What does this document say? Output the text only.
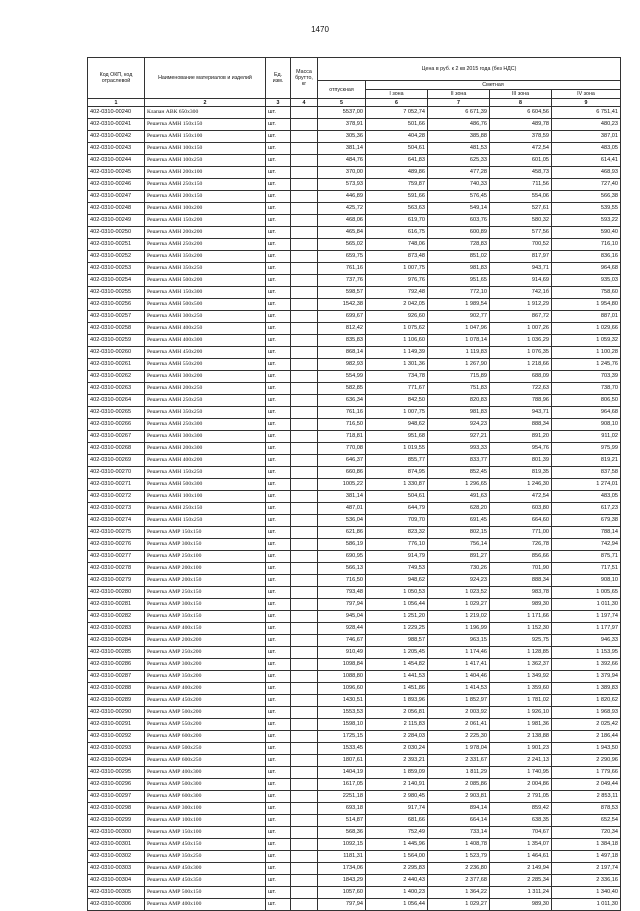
1470
Код ОКП, код отраслевой	Наименование материалов и изделий	Ед. изм.	Масса брутто, кг	Цена в руб. к 2 кв 2015 года (без НДС)				
				отпускная	Сметная			
					I зона	II зона	III зона	IV зона
1	2	3	4	5	6	7	8	9
402-0310-00240	Клапан АВК 650х300	шт.		5537,00	7 052,74	6 671,39	6 604,56	6 751,41
402-0310-00241	Решетка АМН 150х150	шт.		378,91	501,66	486,76	489,78	480,23
402-0310-00242	Решетка АМН 150х100	шт.		305,36	404,28	385,88	378,59	387,01
402-0310-00243	Решетка АМН 100х150	шт.		381,14	504,61	481,53	472,54	483,05
402-0310-00244	Решетка АМН 100х250	шт.		484,76	641,83	625,33	601,05	614,41
402-0310-00245	Решетка АМН 200х100	шт.		370,00	489,86	477,28	458,73	468,93
402-0310-00246	Решетка АМН 250х150	шт.		573,93	759,87	740,33	711,56	727,40
402-0310-00247	Решетка АМН 200х150	шт.		446,89	591,66	576,45	554,06	566,38
402-0310-00248	Решетка АМН 100х200	шт.		425,72	563,63	549,14	527,61	539,55
402-0310-00249	Решетка АМН 150х200	шт.		468,06	619,70	603,76	580,32	593,22
402-0310-00250	Решетка АМН 200х200	шт.		465,84	616,75	600,89	577,56	590,40
402-0310-00251	Решетка АМН 250х200	шт.		565,02	748,06	728,83	700,52	716,10
402-0310-00252	Решетка АМН 350х200	шт.		659,75	873,48	851,02	817,97	836,16
402-0310-00253	Решетка АМН 350х250	шт.		761,16	1 007,75	981,83	943,71	964,68
402-0310-00254	Решетка АМН 500х200	шт.		737,76	976,76	951,65	914,69	935,03
402-0310-00255	Решетка АМН 150х300	шт.		598,57	792,48	772,10	742,1б	758,60
402-0310-00256	Решетка АМН 500х500	шт.		1542,38	2 042,05	1 989,54	1 912,29	1 954,80
402-0310-00257	Решетка АМН 300х250	шт.		699,67	926,60	902,77	867,72	887,01
402-0310-00258	Решетка АМН 400х250	шт.		812,42	1 075,62	1 047,96	1 007,26	1 029,66
402-0310-00259	Решетка АМН 400х300	шт.		835,83	1 106,60	1 078,14	1 036,29	1 059,32
402-0310-00260	Решетка АМН 450х200	шт.		868,14	1 149,39	1 119,83	1 076,35	1 100,28
402-0310-00261	Решетка АМН 550х200	шт.		982,93	1 301,36	1 267,90	1 218,66	1 245,76
402-0310-00262	Решетка АМН 300х200	шт.		554,99	734,78	715,89	688,09	703,39
402-0310-00263	Решетка АМН 200х250	шт.		582,85	771,67	751,83	722,63	738,70
402-0310-00264	Решетка АМН 250х250	шт.		636,34	842,50	820,83	788,96	806,50
402-0310-00265	Решетка АМН 350х250	шт.		761,16	1 007,75	981,83	943,71	964,68
402-0310-00266	Решетка АМН 250х300	шт.		716,50	948,62	924,23	888,34	908,10
402-0310-00267	Решетка АМН 300х300	шт.		718,81	951,68	927,21	891,20	911,02
402-0310-00268	Решетка АМН 200х300	шт.		770,08	1 019,55	993,33	954,76	975,99
402-0310-00269	Решетка АМН 400х200	шт.		646,37	855,77	833,77	801,39	819,21
402-0310-00270	Решетка АМН 150х250	шт.		660,86	874,95	852,45	819,35	837,58
402-0310-00271	Решетка АМН 500х300	шт.		1005,22	1 330,87	1 296,65	1 246,30	1 274,01
402-0310-00272	Решетка АМН 100х100	шт.		381,14	504,61	491,63	472,54	483,05
402-0310-00273	Решетка АМН 250х150	шт.		487,01	644,79	628,20	603,80	617,23
402-0310-00274	Решетка АМН 150х250	шт.		536,04	709,70	691,45	664,60	679,38
402-0310-00275	Решетка АМР 150х150	шт.		621,86	823,32	802,15	771,00	788,14
402-0310-00276	Решетка АМР 300х150	шт.		586,19	776,10	756,14	726,78	742,94
402-0310-00277	Решетка АМР 250х100	шт.		690,95	914,79	891,27	856,66	875,71
402-0310-00278	Решетка АМР 200х100	шт.		566,13	749,53	730,26	701,90	717,51
402-0310-00279	Решетка АМР 200х150	шт.		716,50	948,62	924,23	888,34	908,10
402-0310-00280	Решетка АМР 250х150	шт.		793,48	1 050,53	1 023,52	983,78	1 005,65
402-0310-00281	Решетка АМР 300х150	шт.		797,94	1 056,44	1 029,27	989,30	1 011,30
402-0310-00282	Решетка АМР 350х150	шт.		945,04	1 251,20	1 219,02	1 171,66	1 197,74
402-0310-00283	Решетка АМР 400х150	шт.		928,44	1 229,25	1 196,99	1 152,30	1 177,97
402-0310-00284	Решетка АМР 200х200	шт.		746,67	988,57	963,15	925,75	946,33
402-0310-00285	Решетка АМР 250х200	шт.		910,49	1 205,45	1 174,46	1 128,85	1 153,95
402-0310-00286	Решетка АМР 300х200	шт.		1098,84	1 454,82	1 417,41	1 362,37	1 392,66
402-0310-00287	Решетка АМР 350х200	шт.		1088,80	1 441,53	1 404,46	1 349,92	1 379,94
402-0310-00288	Решетка АМР 400х200	шт.		1096,60	1 451,86	1 414,53	1 359,60	1 389,83
402-0310-00289	Решетка АМР 450х200	шт.		1430,51	1 893,96	1 852,97	1 781,02	1 820,62
402-0310-00290	Решетка АМР 500х200	шт.		1553,53	2 056,81	2 003,92	1 926,10	1 968,93
402-0310-00291	Решетка АМР 550х200	шт.		1598,10	2 115,83	2 061,41	1 981,36	2 025,42
402-0310-00292	Решетка АМР 600х200	шт.		1725,15	2 284,03	2 225,30	2 138,88	2 186,44
402-0310-00293	Решетка АМР 500х250	шт.		1533,45	2 030,24	1 978,04	1 901,23	1 943,50
402-0310-00294	Решетка АМР 600х250	шт.		1807,61	2 393,21	2 331,67	2 241,13	2 290,96
402-0310-00295	Решетка АМР 400х300	шт.		1404,19	1 859,09	1 811,29	1 740,95	1 779,66
402-0310-00296	Решетка АМР 500х300	шт.		1617,05	2 140,91	2 085,86	2 004,86	2 049,44
402-0310-00297	Решетка АМР 600х300	шт.		2251,18	2 980,45	2 903,81	2 791,05	2 853,11
402-0310-00298	Решетка АМР 300х100	шт.		693,18	917,74	894,14	859,42	878,53
402-0310-00299	Решетка АМР 100х100	шт.		514,87	681,66	664,14	638,35	652,54
402-0310-00300	Решетка АМР 150х100	шт.		568,36	752,49	733,14	704,67	720,34
402-0310-00301	Решетка АМР 450х150	шт.		1092,15	1 445,96	1 408,78	1 354,07	1 384,18
402-0310-00302	Решетка АМР 350х250	шт.		1181,31	1 564,00	1 523,79	1 464,61	1 497,18
402-0310-00303	Решетка АМР 450х300	шт.		1734,06	2 295,83	2 236,80	2 149,94	2 197,74
402-0310-00304	Решетка АМР 450х350	шт.		1843,29	2 440,43	2 377,68	2 285,34	2 336,16
402-0310-00305	Решетка АМР 500х150	шт.		1057,60	1 400,23	1 364,22	1 311,24	1 340,40
402-0310-00306	Решетка АМР 400х100	шт.		797,94	1 056,44	1 029,27	989,30	1 011,30
